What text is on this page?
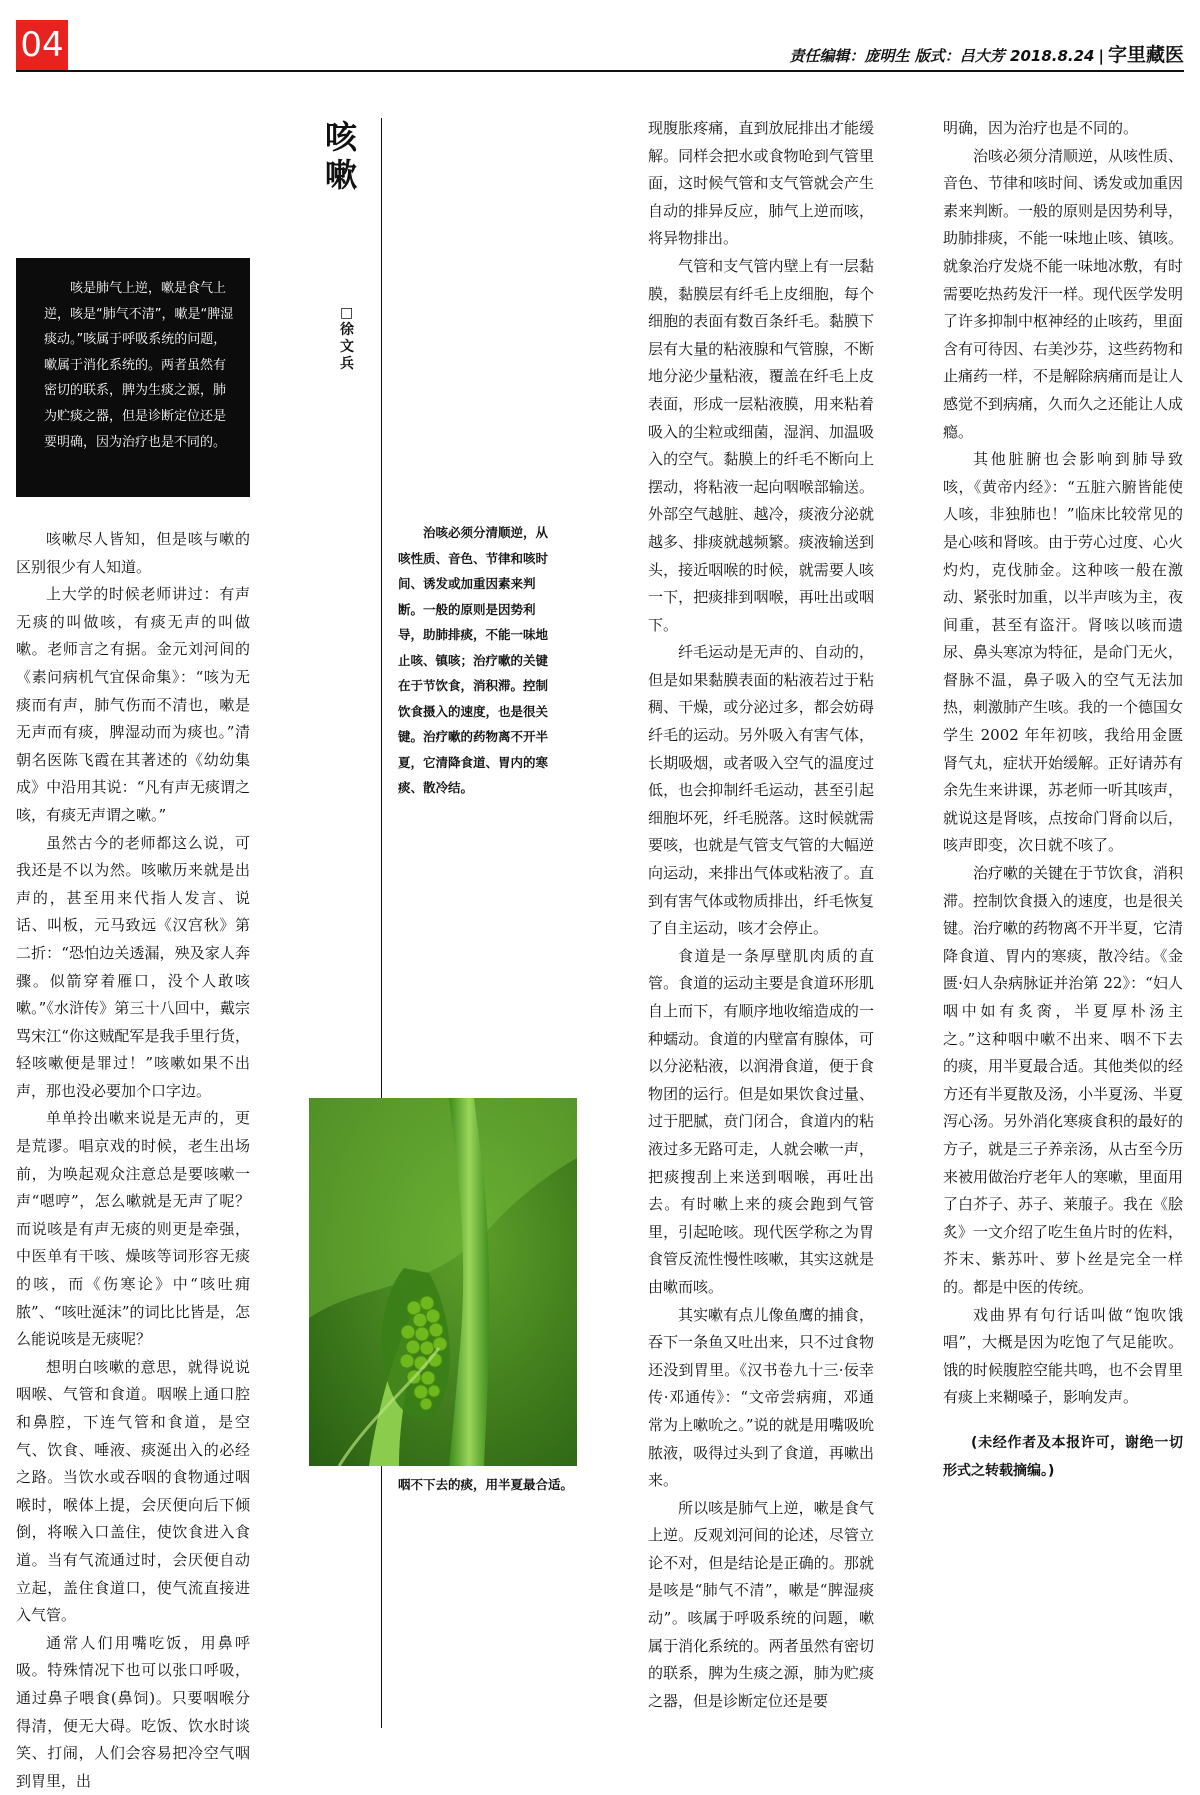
04	责任编辑：庞明生 版式：吕大芳 2018.8.24 | 字里藏医
咳嗽
□徐文兵

咳是肺气上逆，嗽是食气上逆，咳是“肺气不清”，嗽是“脾湿痰动。”咳属于呼吸系统的问题，嗽属于消化系统的。两者虽然有密切的联系，脾为生痰之源，肺为贮痰之器，但是诊断定位还是要明确，因为治疗也是不同的。

咳嗽尽人皆知，但是咳与嗽的区别很少有人知道。

上大学的时候老师讲过：有声无痰的叫做咳，有痰无声的叫做嗽。老师言之有据。金元刘河间的《素问病机气宜保命集》：“咳为无痰而有声，肺气伤而不清也，嗽是无声而有痰，脾湿动而为痰也。”清朝名医陈飞霞在其著述的《幼幼集成》中沿用其说：“凡有声无痰谓之咳，有痰无声谓之嗽。”

虽然古今的老师都这么说，可我还是不以为然。咳嗽历来就是出声的，甚至用来代指人发言、说话、叫板，元马致远《汉宫秋》第二折：“恐怕边关透漏，殃及家人奔骤。似箭穿着雁口，没个人敢咳嗽。”《水浒传》第三十八回中，戴宗骂宋江“你这贼配军是我手里行货，轻咳嗽便是罪过！”咳嗽如果不出声，那也没必要加个口字边。

单单拎出嗽来说是无声的，更是荒谬。唱京戏的时候，老生出场前，为唤起观众注意总是要咳嗽一声“嗯哼”，怎么嗽就是无声了呢？而说咳是有声无痰的则更是牵强，中医单有干咳、燥咳等词形容无痰的咳，而《伤寒论》中“咳吐痈脓”、“咳吐涎沫”的词比比皆是，怎么能说咳是无痰呢？

想明白咳嗽的意思，就得说说咽喉、气管和食道。咽喉上通口腔和鼻腔，下连气管和食道，是空气、饮食、唾液、痰涎出入的必经之路。当饮水或吞咽的食物通过咽喉时，喉体上提，会厌便向后下倾倒，将喉入口盖住，使饮食进入食道。当有气流通过时，会厌便自动立起，盖住食道口，使气流直接进入气管。

通常人们用嘴吃饭，用鼻呼吸。特殊情况下也可以张口呼吸，通过鼻子喂食(鼻饲)。只要咽喉分得清，便无大碍。吃饭、饮水时谈笑、打闹，人们会容易把冷空气咽到胃里，出

治咳必须分清顺逆，从咳性质、音色、节律和咳时间、诱发或加重因素来判断。一般的原则是因势利导，助肺排痰，不能一味地止咳、镇咳；治疗嗽的关键在于节饮食，消积滞。控制饮食摄入的速度，也是很关键。治疗嗽的药物离不开半夏，它清降食道、胃内的寒痰、散冷结。

咽不下去的痰，用半夏最合适。

现腹胀疼痛，直到放屁排出才能缓解。同样会把水或食物呛到气管里面，这时候气管和支气管就会产生自动的排异反应，肺气上逆而咳，将异物排出。

气管和支气管内壁上有一层黏膜，黏膜层有纤毛上皮细胞，每个细胞的表面有数百条纤毛。黏膜下层有大量的粘液腺和气管腺，不断地分泌少量粘液，覆盖在纤毛上皮表面，形成一层粘液膜，用来粘着吸入的尘粒或细菌，湿润、加温吸入的空气。黏膜上的纤毛不断向上摆动，将粘液一起向咽喉部输送。外部空气越脏、越冷，痰液分泌就越多、排痰就越频繁。痰液输送到头，接近咽喉的时候，就需要人咳一下，把痰排到咽喉，再吐出或咽下。

纤毛运动是无声的、自动的，但是如果黏膜表面的粘液若过于粘稠、干燥，或分泌过多，都会妨碍纤毛的运动。另外吸入有害气体，长期吸烟，或者吸入空气的温度过低，也会抑制纤毛运动，甚至引起细胞坏死，纤毛脱落。这时候就需要咳，也就是气管支气管的大幅逆向运动，来排出气体或粘液了。直到有害气体或物质排出，纤毛恢复了自主运动，咳才会停止。

食道是一条厚壁肌肉质的直管。食道的运动主要是食道环形肌自上而下，有顺序地收缩造成的一种蠕动。食道的内壁富有腺体，可以分泌粘液，以润滑食道，便于食物团的运行。但是如果饮食过量、过于肥腻，贲门闭合，食道内的粘液过多无路可走，人就会嗽一声，把痰搜刮上来送到咽喉，再吐出去。有时嗽上来的痰会跑到气管里，引起呛咳。现代医学称之为胃食管反流性慢性咳嗽，其实这就是由嗽而咳。

其实嗽有点儿像鱼鹰的捕食，吞下一条鱼又吐出来，只不过食物还没到胃里。《汉书卷九十三·佞幸传·邓通传》：“文帝尝病痈，邓通常为上嗽吮之。”说的就是用嘴吸吮脓液，吸得过头到了食道，再嗽出来。

所以咳是肺气上逆，嗽是食气上逆。反观刘河间的论述，尽管立论不对，但是结论是正确的。那就是咳是“肺气不清”，嗽是“脾湿痰动”。咳属于呼吸系统的问题，嗽属于消化系统的。两者虽然有密切的联系，脾为生痰之源，肺为贮痰之器，但是诊断定位还是要

明确，因为治疗也是不同的。

治咳必须分清顺逆，从咳性质、音色、节律和咳时间、诱发或加重因素来判断。一般的原则是因势利导，助肺排痰，不能一味地止咳、镇咳。就象治疗发烧不能一味地冰敷，有时需要吃热药发汗一样。现代医学发明了许多抑制中枢神经的止咳药，里面含有可待因、右美沙芬，这些药物和止痛药一样，不是解除病痛而是让人感觉不到病痛，久而久之还能让人成瘾。

其他脏腑也会影响到肺导致咳，《黄帝内经》：“五脏六腑皆能使人咳，非独肺也！”临床比较常见的是心咳和肾咳。由于劳心过度、心火灼灼，克伐肺金。这种咳一般在激动、紧张时加重，以半声咳为主，夜间重，甚至有盗汗。肾咳以咳而遗尿、鼻头寒凉为特征，是命门无火，督脉不温，鼻子吸入的空气无法加热，刺激肺产生咳。我的一个德国女学生 2002 年年初咳，我给用金匮肾气丸，症状开始缓解。正好请苏有余先生来讲课，苏老师一听其咳声，就说这是肾咳，点按命门肾俞以后，咳声即变，次日就不咳了。

治疗嗽的关键在于节饮食，消积滞。控制饮食摄入的速度，也是很关键。治疗嗽的药物离不开半夏，它清降食道、胃内的寒痰，散冷结。《金匮·妇人杂病脉证并治第 22》：“妇人咽中如有炙脔，半夏厚朴汤主之。”这种咽中嗽不出来、咽不下去的痰，用半夏最合适。其他类似的经方还有半夏散及汤，小半夏汤、半夏泻心汤。另外消化寒痰食积的最好的方子，就是三子养亲汤，从古至今历来被用做治疗老年人的寒嗽，里面用了白芥子、苏子、莱菔子。我在《脍炙》一文介绍了吃生鱼片时的佐料，芥末、紫苏叶、萝卜丝是完全一样的。都是中医的传统。

戏曲界有句行话叫做“饱吹饿唱”，大概是因为吃饱了气足能吹。饿的时候腹腔空能共鸣，也不会胃里有痰上来糊嗓子，影响发声。

(未经作者及本报许可，谢绝一切形式之转载摘编。)
